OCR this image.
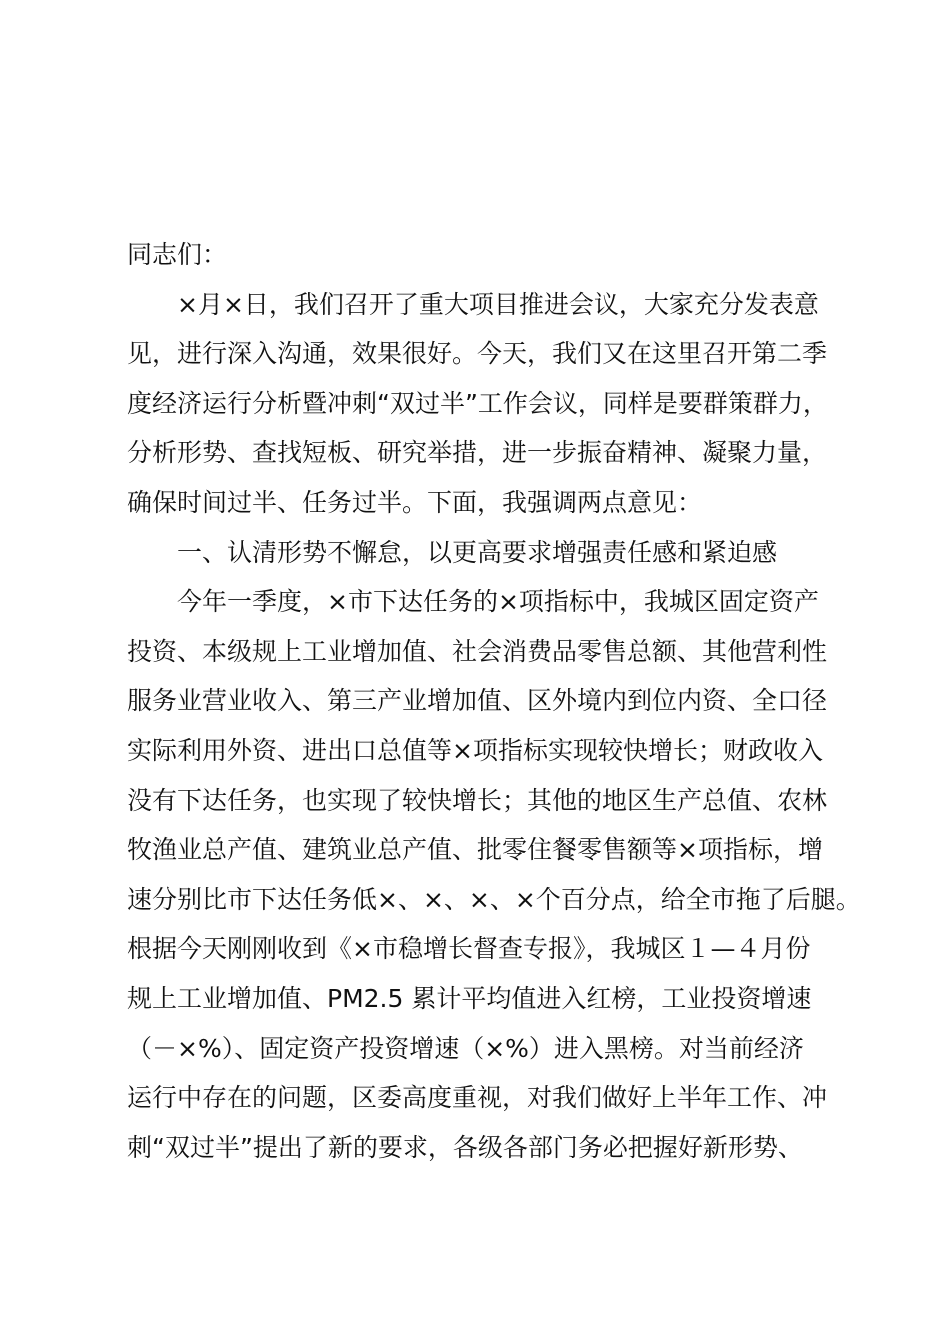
同志们：
×月×日，我们召开了重大项目推进会议，大家充分发表意
见，进行深入沟通，效果很好。今天，我们又在这里召开第二季
度经济运行分析暨冲刺“双过半”工作会议，同样是要群策群力，
分析形势、查找短板、研究举措，进一步振奋精神、凝聚力量，
确保时间过半、任务过半。下面，我强调两点意见：
一、认清形势不懈怠，以更高要求增强责任感和紧迫感
今年一季度，×市下达任务的×项指标中，我城区固定资产
投资、本级规上工业增加值、社会消费品零售总额、其他营利性
服务业营业收入、第三产业增加值、区外境内到位内资、全口径
实际利用外资、进出口总值等×项指标实现较快增长；财政收入
没有下达任务，也实现了较快增长；其他的地区生产总值、农林
牧渔业总产值、建筑业总产值、批零住餐零售额等×项指标，增
速分别比市下达任务低×、×、×、×个百分点，给全市拖了后腿。
根据今天刚刚收到《×市稳增长督查专报》，我城区１—４月份
规上工业增加值、PM2.5 累计平均值进入红榜，工业投资增速
（－×%）、固定资产投资增速（×%）进入黑榜。对当前经济
运行中存在的问题，区委高度重视，对我们做好上半年工作、冲
刺“双过半”提出了新的要求，各级各部门务必把握好新形势、
